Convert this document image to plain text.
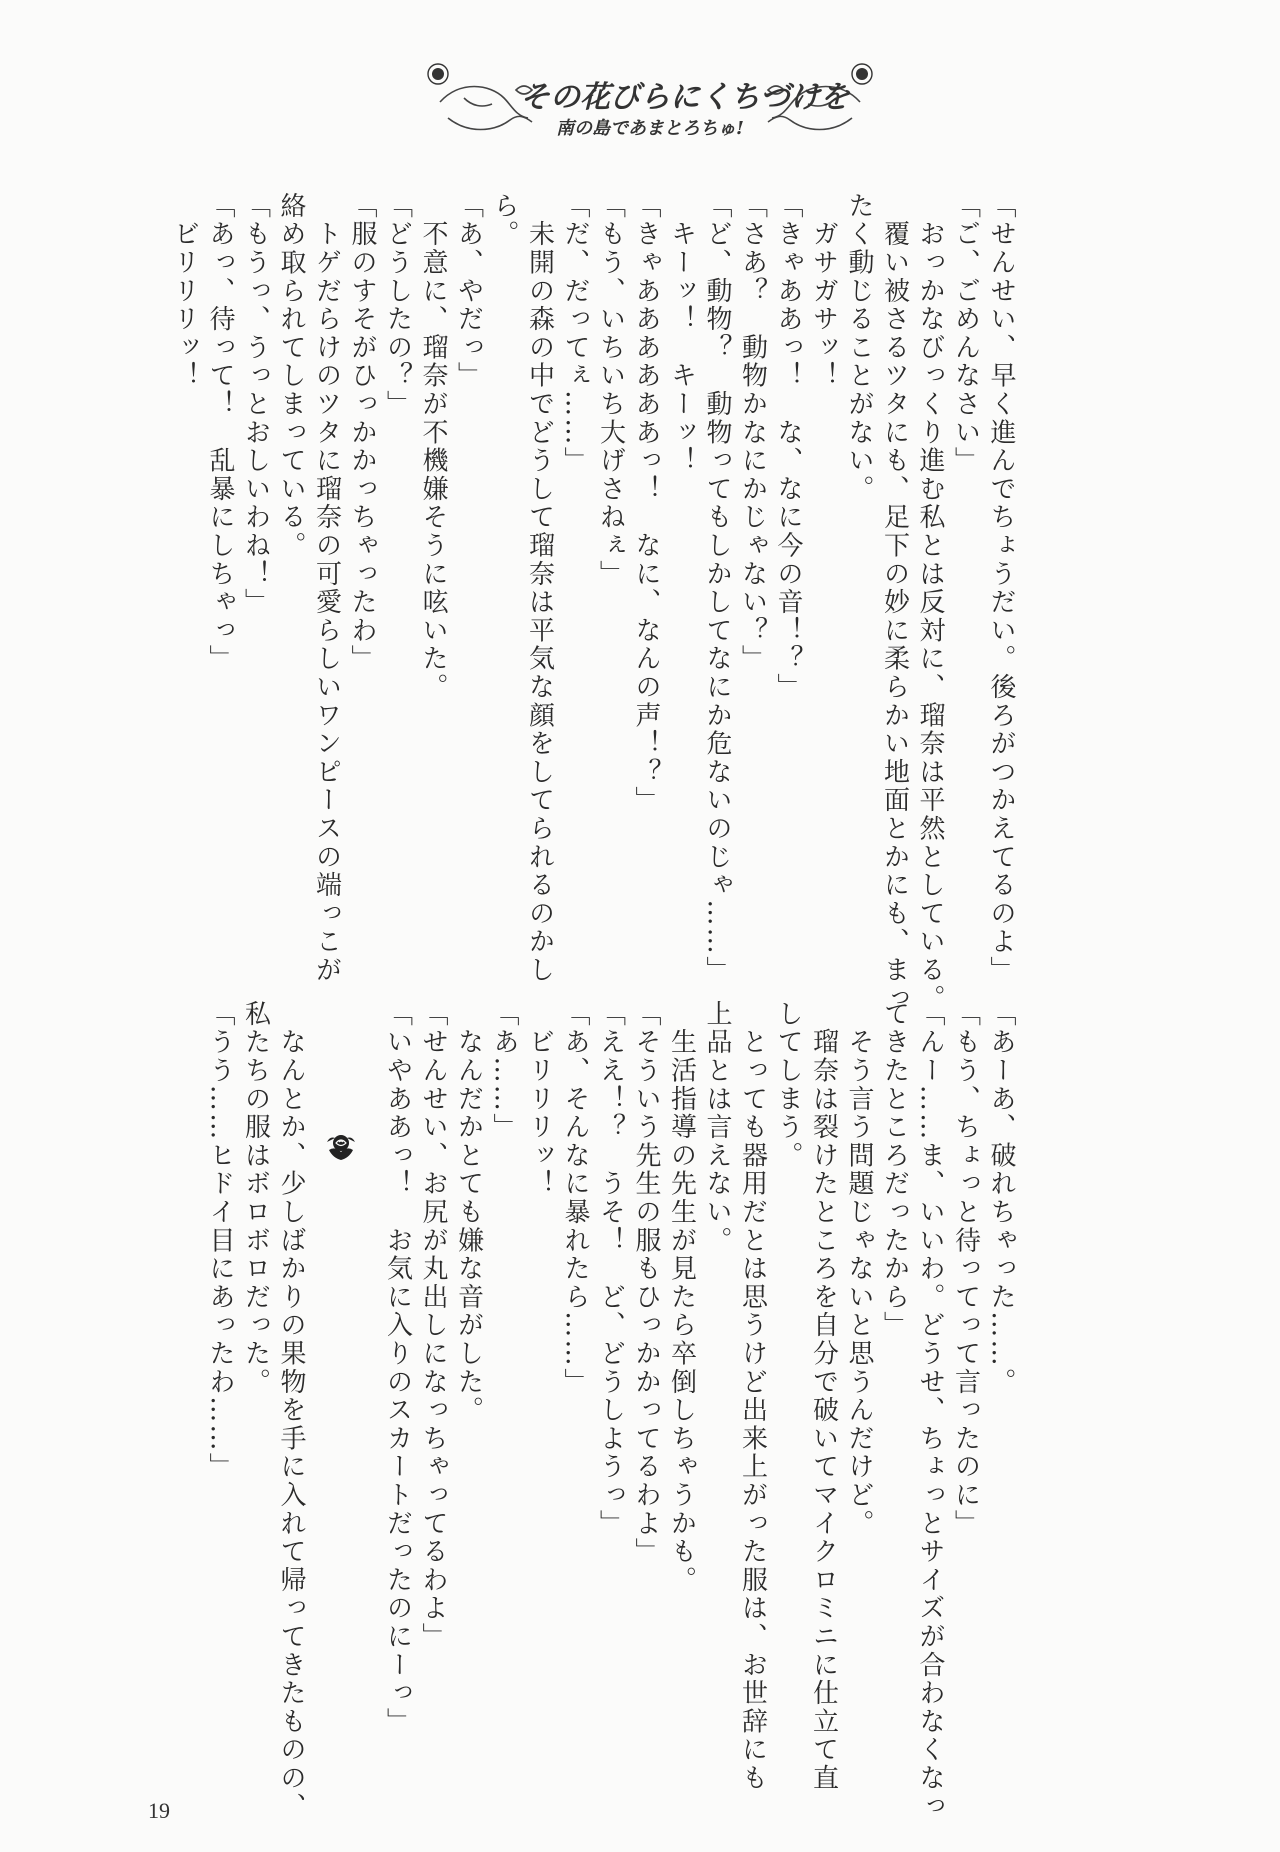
その花びらにくちづけを
南の島であまとろちゅ!
「せんせい、早く進んでちょうだい。後ろがつかえてるのよ」
「ご、ごめんなさい」
　おっかなびっくり進む私とは反対に、瑠奈は平然としている。
　覆い被さるツタにも、足下の妙に柔らかい地面とかにも、まっ
たく動じることがない。
　ガサガサッ！
「きゃああっ！　な、なに今の音！？」
「さあ？　動物かなにかじゃない？」
「ど、動物？　動物ってもしかしてなにか危ないのじゃ……」
　キーッ！　キーッ！
「きゃああああああっ！　なに、なんの声！？」
「もう、いちいち大げさねぇ」
「だ、だってぇ……」
　未開の森の中でどうして瑠奈は平気な顔をしてられるのかし
ら。
「あ、やだっ」
　不意に、瑠奈が不機嫌そうに呟いた。
「どうしたの？」
「服のすそがひっかかっちゃったわ」
　トゲだらけのツタに瑠奈の可愛らしいワンピースの端っこが
絡め取られてしまっている。
「もうっ、うっとおしいわね！」
「あっ、待って！　乱暴にしちゃっ」
　ビリリリッ！
「あーあ、破れちゃった……。
「もう、ちょっと待ってって言ったのに」
「んー……ま、いいわ。どうせ、ちょっとサイズが合わなくなっ
てきたところだったから」
　そう言う問題じゃないと思うんだけど。
　瑠奈は裂けたところを自分で破いてマイクロミニに仕立て直
してしまう。
　とっても器用だとは思うけど出来上がった服は、お世辞にも
上品とは言えない。
　生活指導の先生が見たら卒倒しちゃうかも。
「そういう先生の服もひっかかってるわよ」
「ええ！？　うそ！　ど、どうしようっ」
「あ、そんなに暴れたら……」
　ビリリリッ！
「あ……」
　なんだかとても嫌な音がした。
「せんせい、お尻が丸出しになっちゃってるわよ」
「いやああっ！　お気に入りのスカートだったのにーっ」

　なんとか、少しばかりの果物を手に入れて帰ってきたものの、
私たちの服はボロボロだった。
「うう……ヒドイ目にあったわ……」
19
